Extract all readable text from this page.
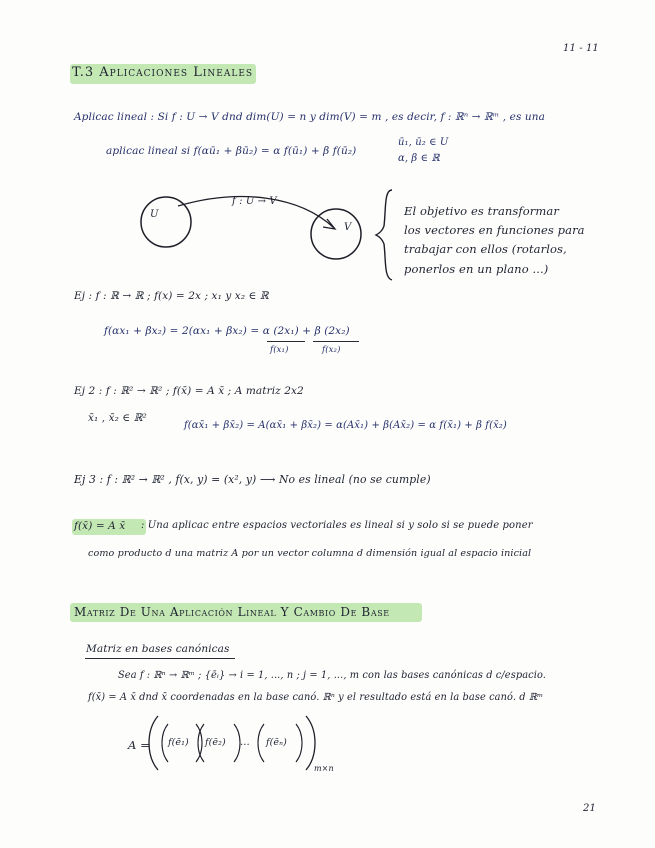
11 - 11
T.3 Aplicaciones Lineales
Aplicac lineal : Si f : U → V dnd dim(U) = n y dim(V) = m , es decir, f : ℝⁿ → ℝᵐ , es una
aplicac lineal si f(αū₁ + βū₂) = α f(ū₁) + β f(ū₂)
ū₁, ū₂ ∈ U
α, β ∈ ℝ
U
V
f : U → V
El objetivo es transformar
los vectores en funciones para
trabajar con ellos (rotarlos,
ponerlos en un plano ...)
Ej : f : ℝ → ℝ ; f(x) = 2x ; x₁ y x₂ ∈ ℝ
f(αx₁ + βx₂) = 2(αx₁ + βx₂) = α (2x₁) + β (2x₂)
f(x₁)	f(x₂)
Ej 2 : f : ℝ² → ℝ² ; f(x̄) = A x̄ ; A matriz 2x2
x̄₁ , x̄₂ ∈ ℝ²
f(αx̄₁ + βx̄₂) = A(αx̄₁ + βx̄₂) = α(Ax̄₁) + β(Ax̄₂) = α f(x̄₁) + β f(x̄₂)
Ej 3 : f : ℝ² → ℝ² , f(x, y) = (x², y) ⟶ No es lineal (no se cumple)
f(x̄) = A x̄ : Una aplicac entre espacios vectoriales es lineal si y solo si se puede poner
como producto d una matriz A por un vector columna d dimensión igual al espacio inicial
Matriz De Una Aplicación Lineal Y Cambio De Base
Matriz en bases canónicas
Sea f : ℝⁿ → ℝᵐ ; {ēᵢ} → i = 1, ..., n ; j = 1, ..., m con las bases canónicas d c/espacio.
f(x̄) = A x̄ dnd x̄ coordenadas en la base canó. ℝⁿ y el resultado está en la base canó. d ℝᵐ
A = f(ē₁) f(ē₂) ... f(ēₙ)
m×n
21
